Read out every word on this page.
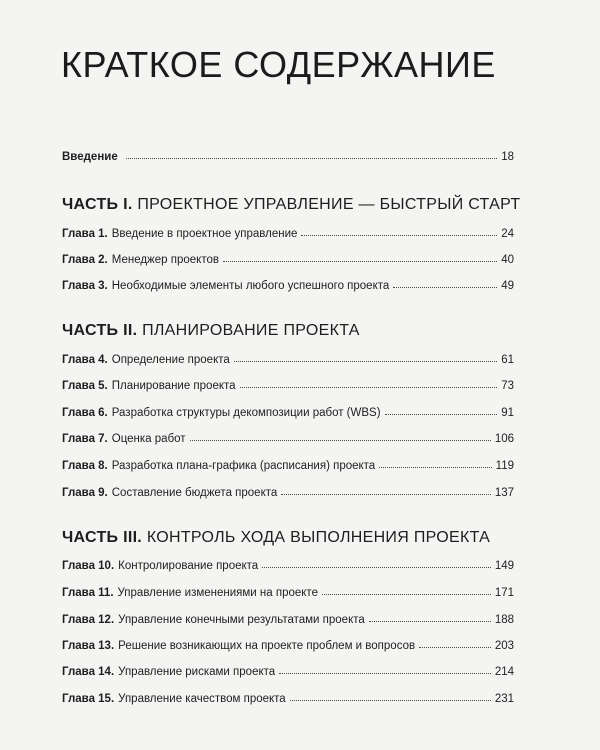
КРАТКОЕ СОДЕРЖАНИЕ
Введение	18
ЧАСТЬ I. ПРОЕКТНОЕ УПРАВЛЕНИЕ — БЫСТРЫЙ СТАРТ
Глава 1. Введение в проектное управление	24
Глава 2. Менеджер проектов	40
Глава 3. Необходимые элементы любого успешного проекта	49
ЧАСТЬ II. ПЛАНИРОВАНИЕ ПРОЕКТА
Глава 4. Определение проекта	61
Глава 5. Планирование проекта	73
Глава 6. Разработка структуры декомпозиции работ (WBS)	91
Глава 7. Оценка работ	106
Глава 8. Разработка плана-графика (расписания) проекта	119
Глава 9. Составление бюджета проекта	137
ЧАСТЬ III. КОНТРОЛЬ ХОДА ВЫПОЛНЕНИЯ ПРОЕКТА
Глава 10. Контролирование проекта	149
Глава 11. Управление изменениями на проекте	171
Глава 12. Управление конечными результатами проекта	188
Глава 13. Решение возникающих на проекте проблем и вопросов	203
Глава 14. Управление рисками проекта	214
Глава 15. Управление качеством проекта	231
